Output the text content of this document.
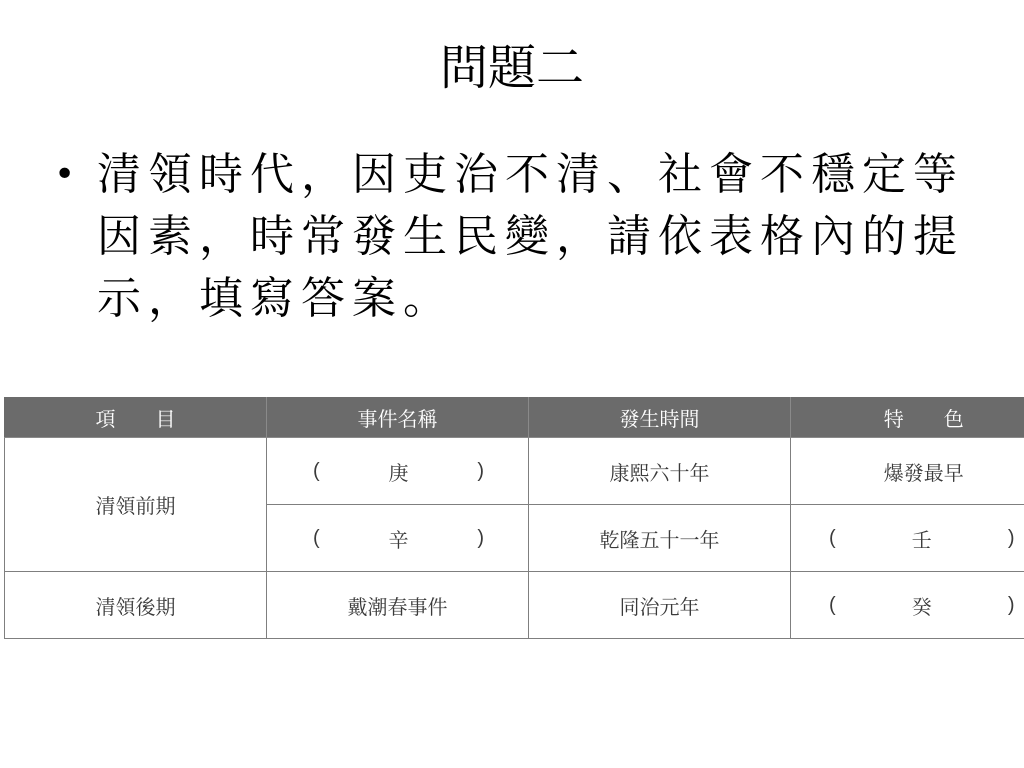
問題二
• 清領時代，因吏治不清、社會不穩定等因素，時常發生民變，請依表格內的提示，填寫答案。

項　　目	事件名稱	發生時間	特　　色
清領前期	( 庚 )	康熙六十年	爆發最早

	( 辛 )	乾隆五十一年	( 壬 )

清領後期	戴潮春事件	同治元年	( 癸 )
